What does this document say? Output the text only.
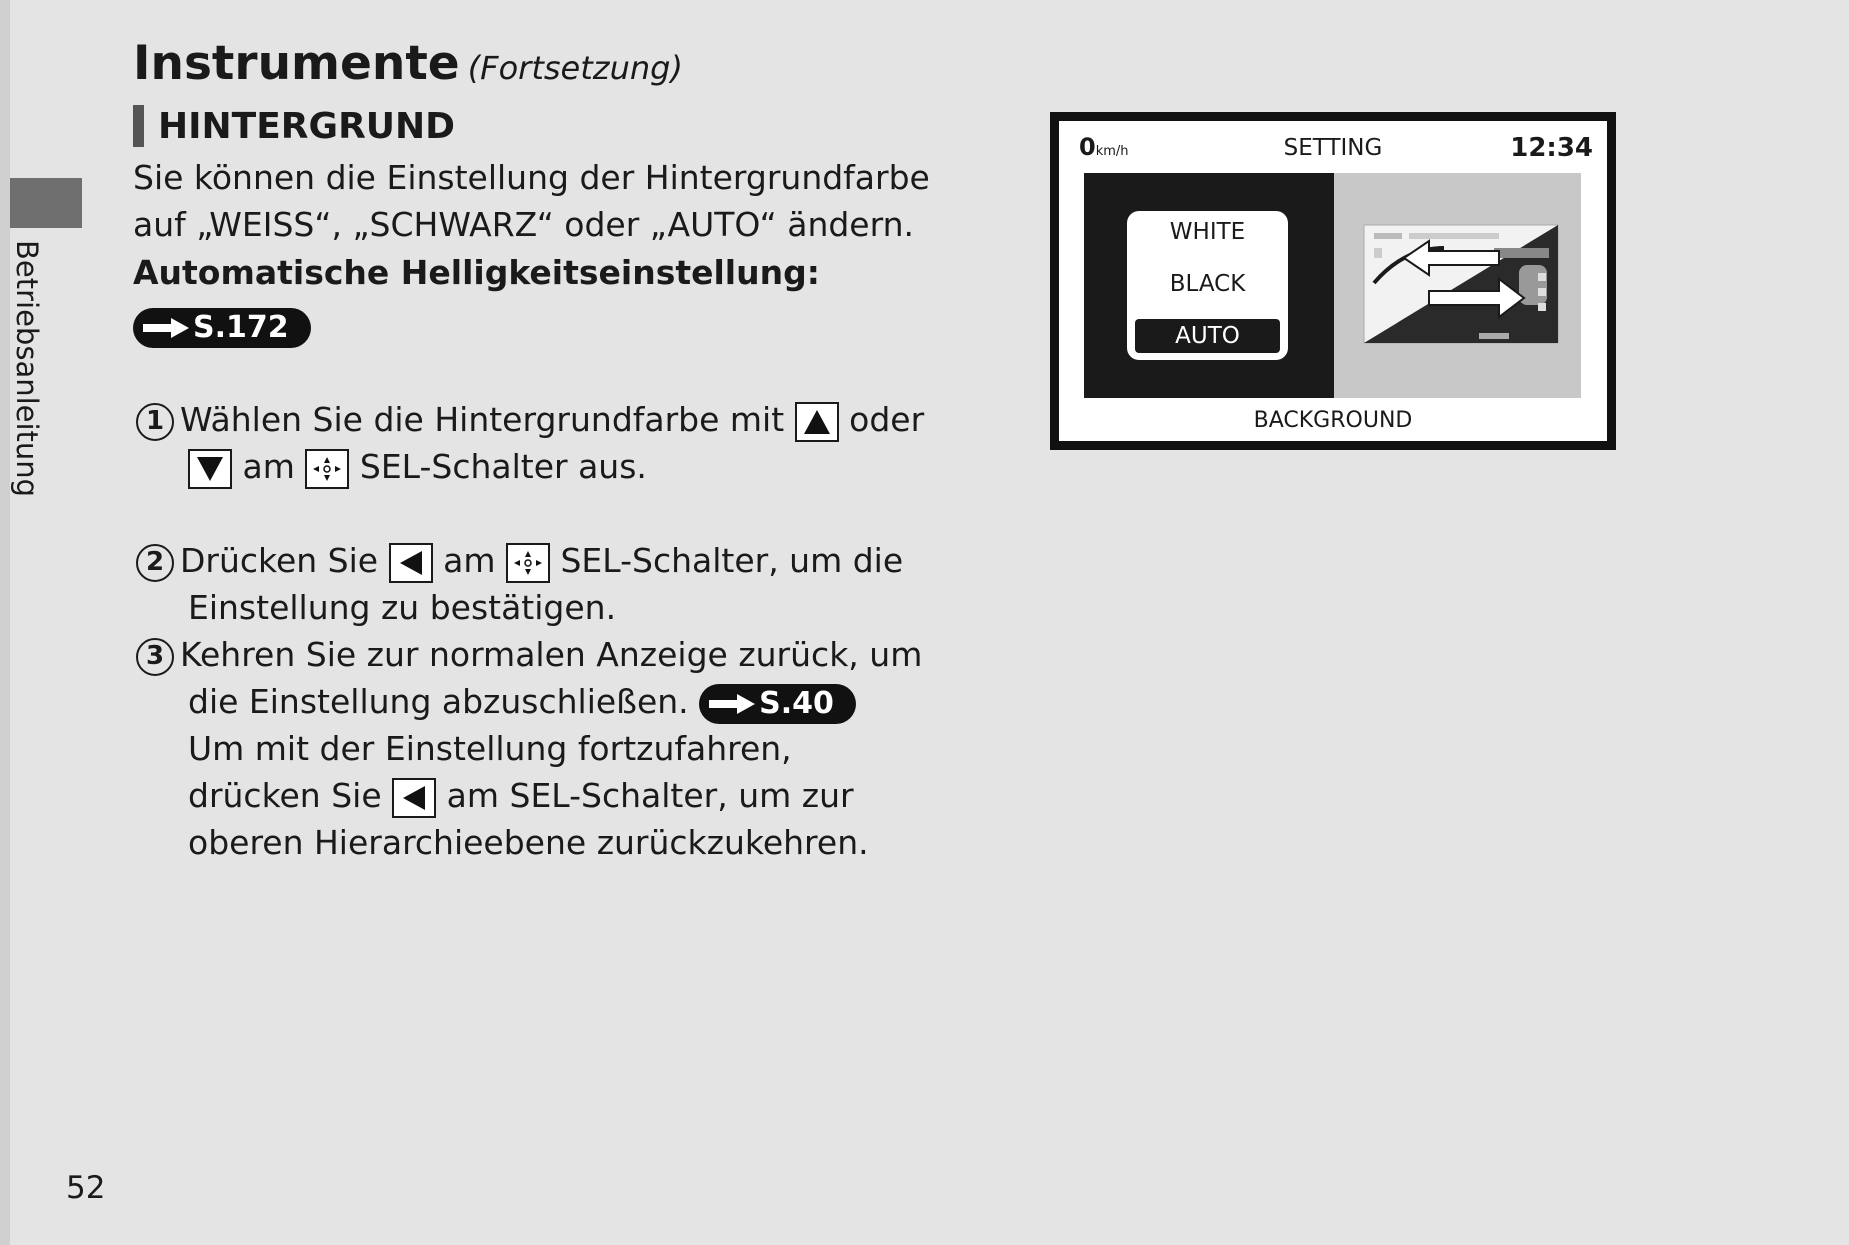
Betriebsanleitung
52
Instrumente (Fortsetzung)
HINTERGRUND
Sie können die Einstellung der Hintergrundfarbe
auf „WEISS“, „SCHWARZ“ oder „AUTO“ ändern.
Automatische Helligkeitseinstellung:
S.172
1 Wählen Sie die Hintergrundfarbe mit oder
am SEL-Schalter aus.
2 Drücken Sie am SEL-Schalter, um die
Einstellung zu bestätigen.
3 Kehren Sie zur normalen Anzeige zurück, um
die Einstellung abzuschließen. S.40
Um mit der Einstellung fortzufahren,
drücken Sie am SEL-Schalter, um zur
oberen Hierarchieebene zurückzukehren.
0km/h	SETTING	12:34
WHITE
BLACK
AUTO
BACKGROUND
